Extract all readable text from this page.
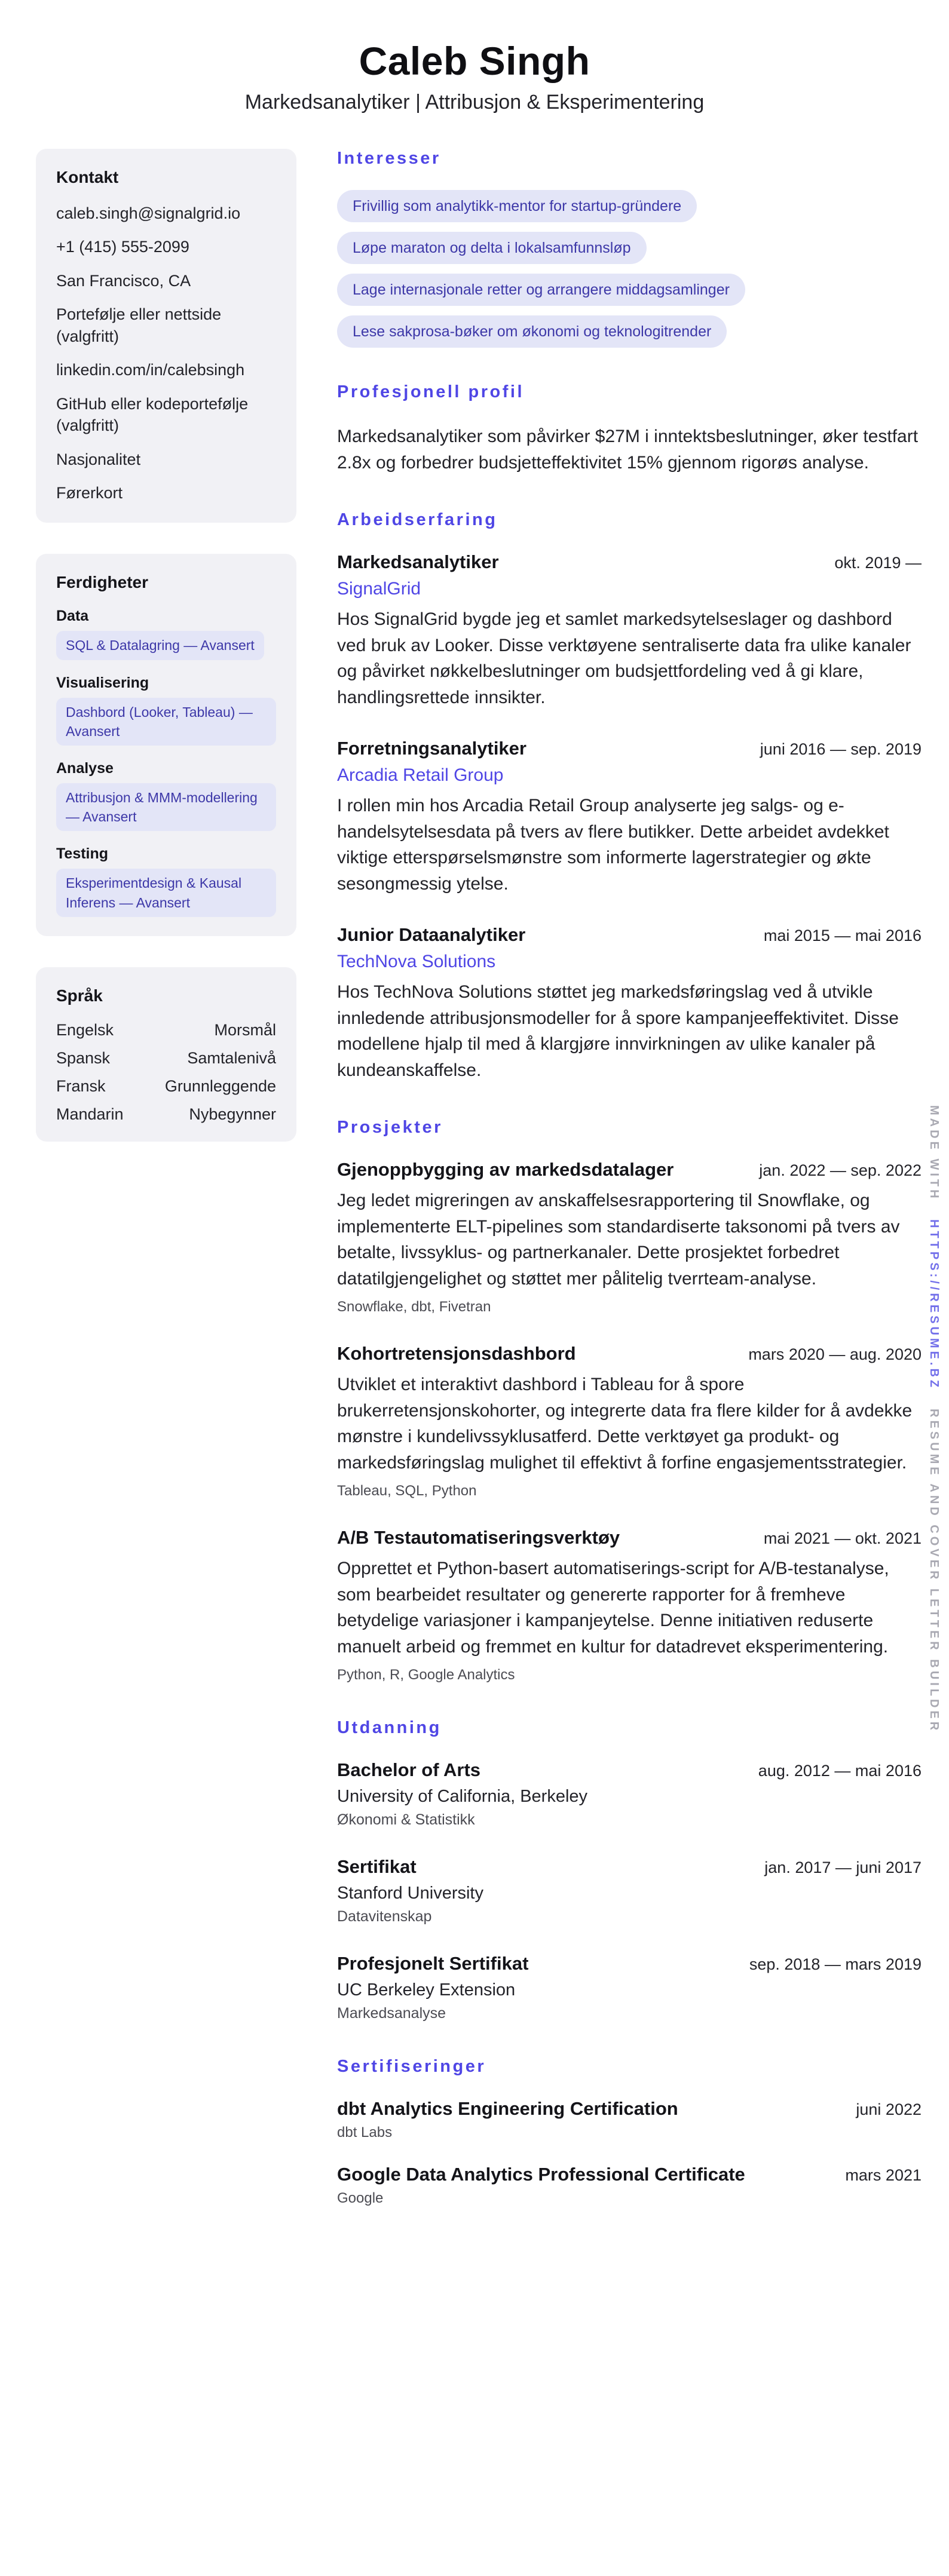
Caleb Singh
Markedsanalytiker | Attribusjon & Eksperimentering
Kontakt
caleb.singh@signalgrid.io
+1 (415) 555-2099
San Francisco, CA
Portefølje eller nettside (valgfritt)
linkedin.com/in/calebsingh
GitHub eller kodeportefølje (valgfritt)
Nasjonalitet
Førerkort
Ferdigheter
Data
SQL & Datalagring — Avansert
Visualisering
Dashbord (Looker, Tableau) — Avansert
Analyse
Attribusjon & MMM-modellering — Avansert
Testing
Eksperimentdesign & Kausal Inferens — Avansert
Språk
Engelsk	Morsmål
Spansk	Samtalenivå
Fransk	Grunnleggende
Mandarin	Nybegynner
Interesser
Frivillig som analytikk-mentor for startup-gründere
Løpe maraton og delta i lokalsamfunnsløp
Lage internasjonale retter og arrangere middagsamlinger
Lese sakprosa-bøker om økonomi og teknologitrender
Profesjonell profil

Markedsanalytiker som påvirker $27M i inntektsbeslutninger, øker testfart 2.8x og forbedrer budsjetteffektivitet 15% gjennom rigorøs analyse.

Arbeidserfaring
Markedsanalytiker	okt. 2019 —
SignalGrid

Hos SignalGrid bygde jeg et samlet markedsytelseslager og dashbord ved bruk av Looker. Disse verktøyene sentraliserte data fra ulike kanaler og påvirket nøkkelbeslutninger om budsjettfordeling ved å gi klare, handlingsrettede innsikter.

Forretningsanalytiker	juni 2016 — sep. 2019
Arcadia Retail Group

I rollen min hos Arcadia Retail Group analyserte jeg salgs- og e-handelsytelsesdata på tvers av flere butikker. Dette arbeidet avdekket viktige etterspørselsmønstre som informerte lagerstrategier og økte sesongmessig ytelse.

Junior Dataanalytiker	mai 2015 — mai 2016
TechNova Solutions

Hos TechNova Solutions støttet jeg markedsføringslag ved å utvikle innledende attribusjonsmodeller for å spore kampanjeeffektivitet. Disse modellene hjalp til med å klargjøre innvirkningen av ulike kanaler på kundeanskaffelse.

Prosjekter
Gjenoppbygging av markedsdatalager	jan. 2022 — sep. 2022

Jeg ledet migreringen av anskaffelsesrapportering til Snowflake, og implementerte ELT-pipelines som standardiserte taksonomi på tvers av betalte, livssyklus- og partnerkanaler. Dette prosjektet forbedret datatilgjengelighet og støttet mer pålitelig tverrteam-analyse.

Snowflake, dbt, Fivetran
Kohortretensjonsdashbord	mars 2020 — aug. 2020

Utviklet et interaktivt dashbord i Tableau for å spore brukerretensjonskohorter, og integrerte data fra flere kilder for å avdekke mønstre i kundelivssyklusatferd. Dette verktøyet ga produkt- og markedsføringslag mulighet til effektivt å forfine engasjementsstrategier.

Tableau, SQL, Python
A/B Testautomatiseringsverktøy	mai 2021 — okt. 2021

Opprettet et Python-basert automatiserings-script for A/B-testanalyse, som bearbeidet resultater og genererte rapporter for å fremheve betydelige variasjoner i kampanjeytelse. Denne initiativen reduserte manuelt arbeid og fremmet en kultur for datadrevet eksperimentering.

Python, R, Google Analytics
Utdanning
Bachelor of Arts	aug. 2012 — mai 2016
University of California, Berkeley
Økonomi & Statistikk
Sertifikat	jan. 2017 — juni 2017
Stanford University
Datavitenskap
Profesjonelt Sertifikat	sep. 2018 — mars 2019
UC Berkeley Extension
Markedsanalyse
Sertifiseringer
dbt Analytics Engineering Certification	juni 2022
dbt Labs
Google Data Analytics Professional Certificate	mars 2021
Google
MADE WITH HTTPS://RESUME.BZ RESUME AND COVER LETTER BUILDER
